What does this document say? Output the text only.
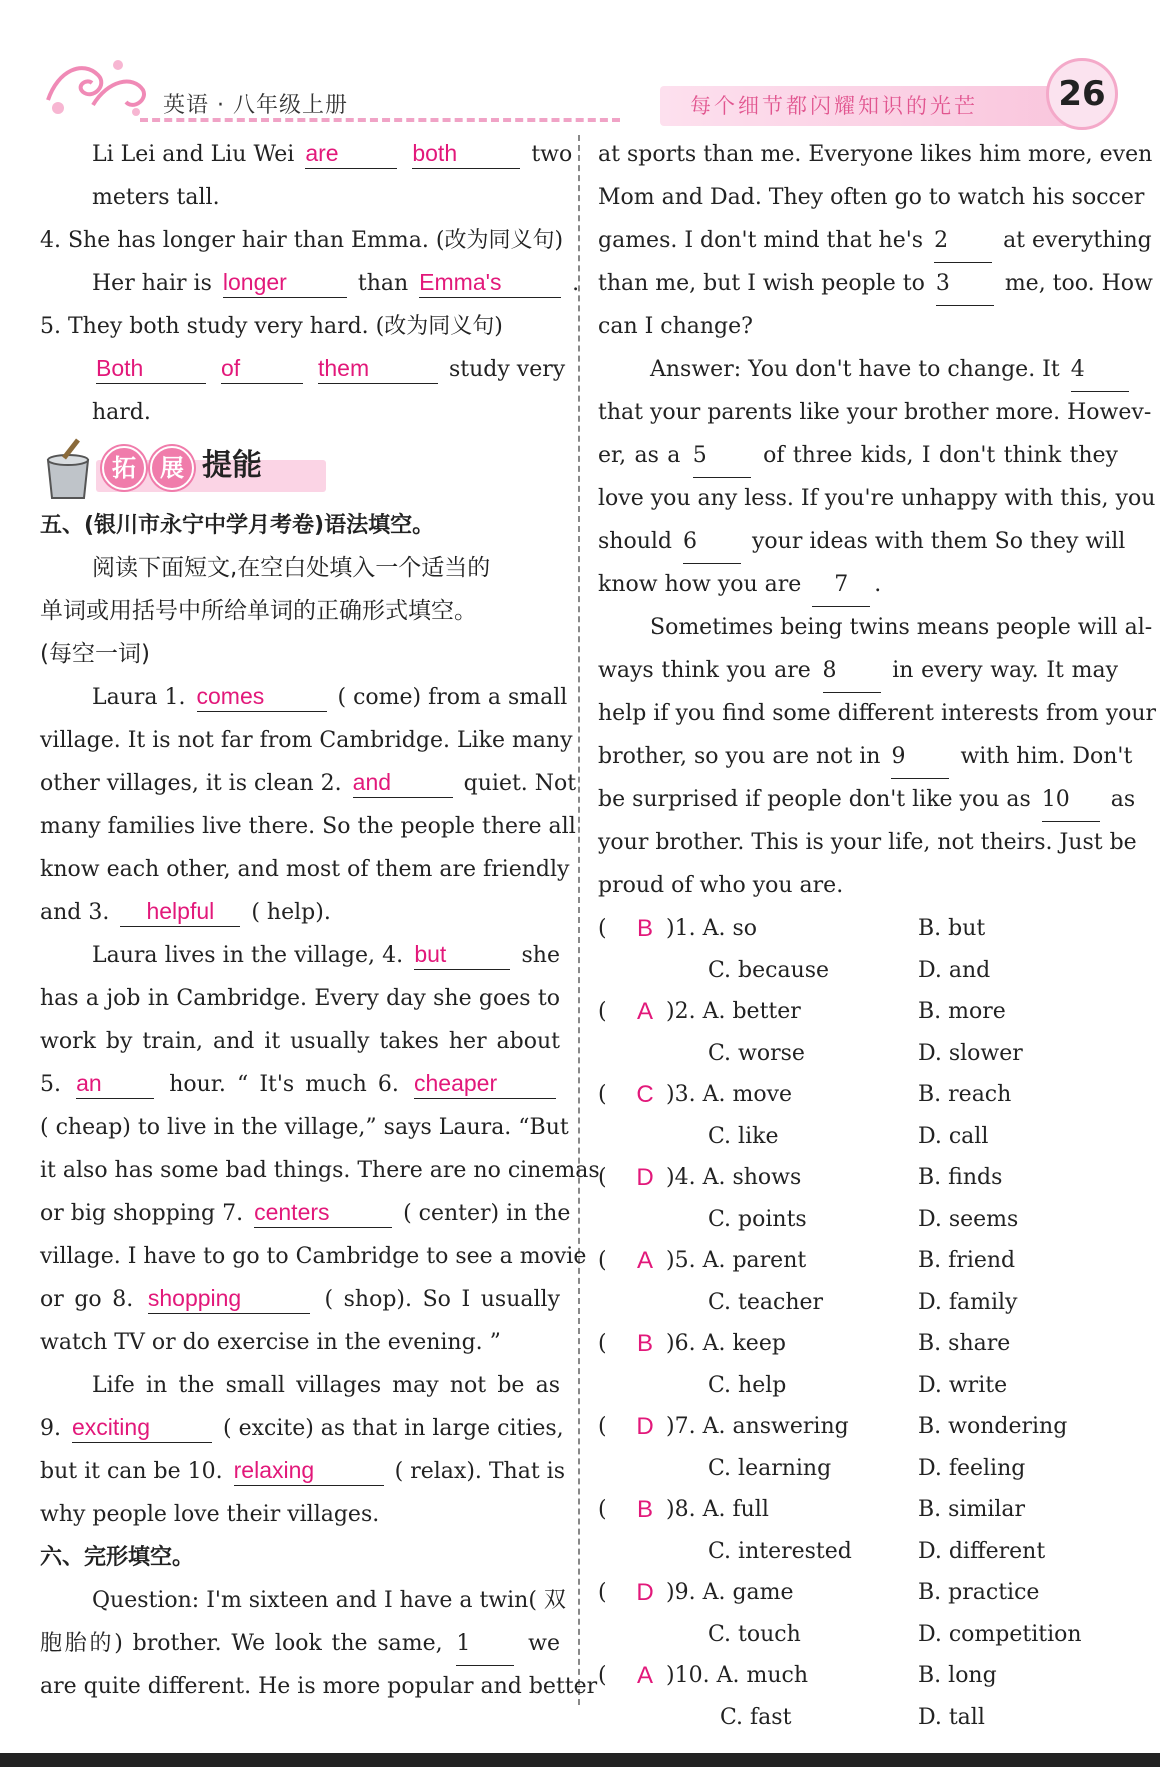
英语 · 八年级上册	每个细节都闪耀知识的光芒	26
Li Lei and Liu Wei are	both	two
meters tall.
4. She has longer hair than Emma. (改为同义句)
Her hair is longer	than Emma's	.
5. They both study very hard. (改为同义句)
Both	of	them	study very
hard.
拓	展 提能
五、(银川市永宁中学月考卷)语法填空。
阅读下面短文,在空白处填入一个适当的
单词或用括号中所给单词的正确形式填空。
(每空一词)
Laura 1. comes	( come) from a small
village. It is not far from Cambridge. Like many
other villages, it is clean 2. and	quiet. Not
many families live there. So the people there all
know each other, and most of them are friendly
and 3. helpful ( help).
Laura lives in the village, 4. but	she
has a job in Cambridge. Every day she goes to
work by train, and it usually takes her about
5. an	hour. “ It's much 6. cheaper
( cheap) to live in the village,” says Laura. “But
it also has some bad things. There are no cinemas
or big shopping 7. centers	( center) in the
village. I have to go to Cambridge to see a movie
or go 8. shopping	( shop). So I usually
watch TV or do exercise in the evening. ”
Life in the small villages may not be as
9. exciting	( excite) as that in large cities,
but it can be 10. relaxing	( relax). That is
why people love their villages.
六、完形填空。
Question: I'm sixteen and I have a twin( 双
胞胎的) brother. We look the same, 1	we
are quite different. He is more popular and better
at sports than me. Everyone likes him more, even
Mom and Dad. They often go to watch his soccer
games. I don't mind that he's 2	at everything
than me, but I wish people to 3	me, too. How
can I change?
Answer: You don't have to change. It 4
that your parents like your brother more. Howev-
er, as a 5	of three kids, I don't think they
love you any less. If you're unhappy with this, you
should 6	your ideas with them So they will
know how you are 7 .
Sometimes being twins means people will al-
ways think you are 8	in every way. It may
help if you find some different interests from your
brother, so you are not in 9	with him. Don't
be surprised if people don't like you as 10 as
your brother. This is your life, not theirs. Just be
proud of who you are.
( B )1. A. so	B. but
C. because	D. and
( A )2. A. better	B. more
C. worse	D. slower
( C )3. A. move	B. reach
C. like	D. call
( D )4. A. shows	B. finds
C. points	D. seems
( A )5. A. parent	B. friend
C. teacher	D. family
( B )6. A. keep	B. share
C. help	D. write
( D )7. A. answering	B. wondering
C. learning	D. feeling
( B )8. A. full	B. similar
C. interested	D. different
( D )9. A. game	B. practice
C. touch	D. competition
( A )10. A. much	B. long
C. fast	D. tall
